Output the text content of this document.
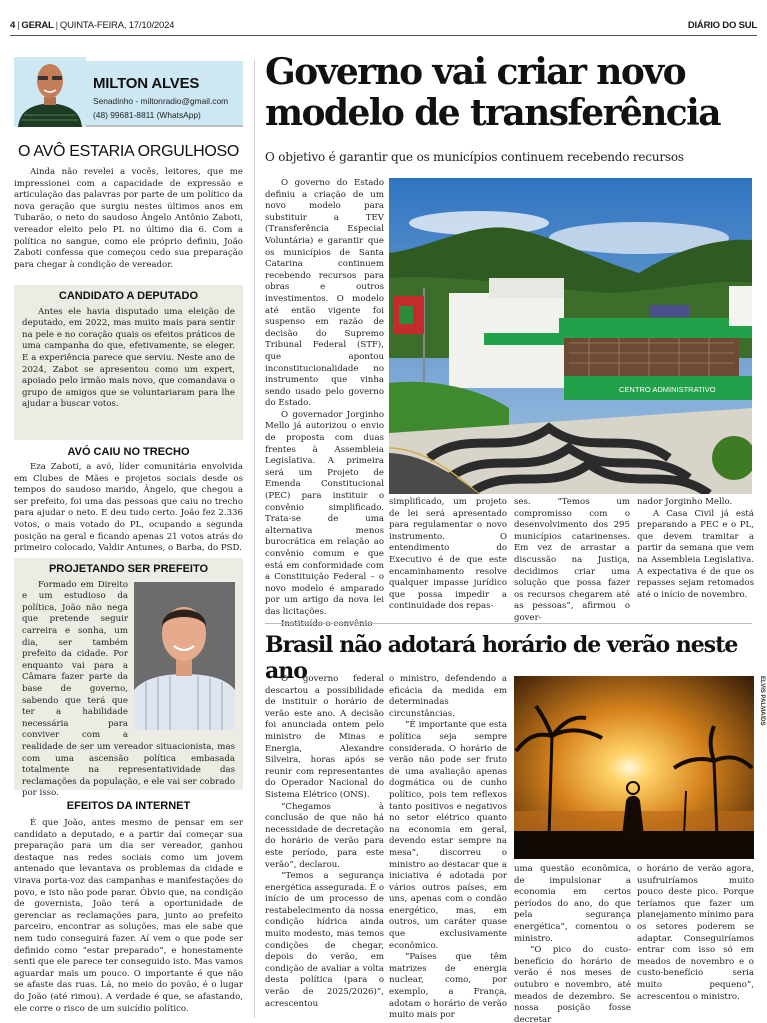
4 | GERAL | QUINTA-FEIRA, 17/10/2024	DIÁRIO DO SUL
MILTON ALVES
Senadinho - miltonradio@gmail.com
(48) 99681-8811 (WhatsApp)
O AVÔ ESTARIA ORGULHOSO

Ainda não revelei a vocês, leitores, que me impressionei com a capacidade de expressão e articulação das palavras por parte de um político da nova geração que surgiu nestes últimos anos em Tubarão, o neto do saudoso Ângelo Antônio Zaboti, vereador eleito pelo PL no último dia 6. Com a política no sangue, como ele próprio definiu, João Zaboti confessa que começou cedo sua preparação para chegar à condição de vereador.

CANDIDATO A DEPUTADO

Antes ele havia disputado uma eleição de deputado, em 2022, mas muito mais para sentir na pele e no coração quais os efeitos práticos de uma campanha do que, efetivamente, se eleger. E a experiência parece que serviu. Neste ano de 2024, Zabot se apresentou como um expert, apoiado pelo irmão mais novo, que comandava o grupo de amigos que se voluntariaram para lhe ajudar a buscar votos.

AVÓ CAIU NO TRECHO

Eza Zaboti, a avó, líder comunitária envolvida em Clubes de Mães e projetos sociais desde os tempos do saudoso marido, Ângelo, que chegou a ser prefeito, foi uma das pessoas que caiu no trecho para ajudar o neto. E deu tudo certo. João fez 2.336 votos, o mais votado do PL, ocupando a segunda posição na geral e ficando apenas 21 votos atrás do primeiro colocado, Valdir Antunes, o Barba, do PSD.

PROJETANDO SER PREFEITO

Formado em Direito e um estudioso da política, João não nega que pretende seguir carreira e sonha, um dia, ser também prefeito da cidade. Por enquanto vai para a Câmara fazer parte da base de governo, sabendo que terá que ter a habilidade necessária para conviver com a realidade de ser um vereador situacionista, mas com uma ascensão política embasada totalmente na representatividade das reclamações da população, e ele vai ser cobrado por isso.

EFEITOS DA INTERNET

É que João, antes mesmo de pensar em ser candidato a deputado, e a partir daí começar sua preparação para um dia ser vereador, ganhou destaque nas redes sociais como um jovem antenado que levantava os problemas da cidade e virava porta-voz das campanhas e manifestações do povo, e isto não pode parar. Óbvio que, na condição de governista, João terá a oportunidade de gerenciar as reclamações para, junto ao prefeito parceiro, encontrar as soluções, mas ele sabe que nem tudo conseguirá fazer. Aí vem o que pode ser definido como “estar preparado”, e honestamente senti que ele parece ter conseguido isto. Mas vamos aguardar mais um pouco. O importante é que não se afaste das ruas. Lá, no meio do povão, é o lugar do João (até rimou). A verdade é que, se afastando, ele corre o risco de um suicídio político.

Governo vai criar novo modelo de transferência
O objetivo é garantir que os municípios continuem recebendo recursos

O governo do Estado definiu a criação de um novo modelo para substituir a TEV (Transferência Especial Voluntária) e garantir que os municípios de Santa Catarina continuem recebendo recursos para obras e outros investimentos. O modelo até então vigente foi suspenso em razão de decisão do Supremo Tribunal Federal (STF), que apontou inconstitucionalidade no instrumento que vinha sendo usado pelo governo do Estado.

O governador Jorginho Mello já autorizou o envio de proposta com duas frentes à Assembleia Legislativa. A primeira será um Projeto de Emenda Constitucional (PEC) para instituir o convênio simplificado. Trata-se de uma alternativa menos burocrática em relação ao convênio comum e que está em conformidade com a Constituição Federal – o novo modelo é amparado por um artigo da nova lei das licitações.

CENTRO ADMINISTRATIVO

simplificado, um projeto de lei será apresentado para regulamentar o novo instrumento. O entendimento do Executivo é de que este encaminhamento resolve qualquer impasse jurídico que possa impedir a continuidade dos repas-

ses. “Temos um compromisso com o desenvolvimento dos 295 municípios catarinenses. Em vez de arrastar a discussão na Justiça, decidimos criar uma solução que possa fazer os recursos chegarem até as pessoas”, afirmou o gover-

nador Jorginho Mello.

A Casa Civil já está preparando a PEC e o PL, que devem tramitar a partir da semana que vem na Assembleia Legislativa. A expectativa é de que os repasses sejam retomados até o início de novembro.

Brasil não adotará horário de verão neste ano

O governo federal descartou a possibilidade de instituir o horário de verão este ano. A decisão foi anunciada ontem pelo ministro de Minas e Energia, Alexandre Silveira, horas após se reunir com representantes do Operador Nacional do Sistema Elétrico (ONS).

“Chegamos à conclusão de que não há necessidade de decretação do horário de verão para este período, para este verão”, declarou.

“Temos a segurança energética assegurada. É o início de um processo de restabelecimento da nossa condição hídrica ainda muito modesto, mas temos condições de chegar, depois do verão, em condição de avaliar a volta desta política (para o verão de 2025/2026)”, acrescentou

o ministro, defendendo a eficácia da medida em determinadas circunstâncias.

“É importante que esta política seja sempre considerada. O horário de verão não pode ser fruto de uma avaliação apenas dogmática ou de cunho político, pois tem reflexos tanto positivos e negativos no setor elétrico quanto na economia em geral, devendo estar sempre na mesa”, discorreu o ministro ao destacar que a iniciativa é adotada por vários outros países, em uns, apenas com o condão energético, mas, em outros, um caráter quase que exclusivamente econômico.

“Países que têm matrizes de energia nuclear, como, por exemplo, a França, adotam o horário de verão muito mais por

ELVIS PALMA/DS

uma questão econômica, de impulsionar a economia em certos períodos do ano, do que pela segurança energética”, comentou o ministro.

“O pico do custo-benefício do horário de verão é nos meses de outubro e novembro, até meados de dezembro. Se nossa posição fosse decretar

o horário de verão agora, usufruiríamos muito pouco deste pico. Porque teríamos que fazer um planejamento mínimo para os setores poderem se adaptar. Conseguiríamos entrar com isso só em meados de novembro e o custo-benefício seria muito pequeno”, acrescentou o ministro.
